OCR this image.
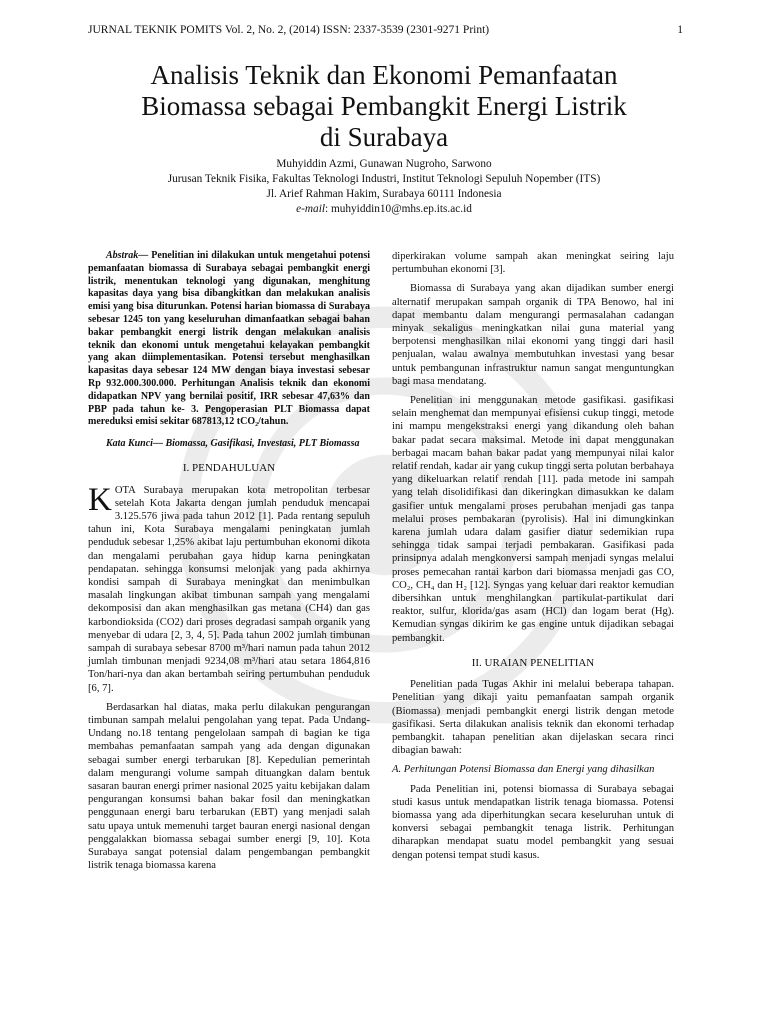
JURNAL TEKNIK POMITS Vol. 2, No. 2, (2014) ISSN: 2337-3539 (2301-9271 Print)	1
Analisis Teknik dan Ekonomi Pemanfaatan
Biomassa sebagai Pembangkit Energi Listrik
di Surabaya
Muhyiddin Azmi, Gunawan Nugroho, Sarwono
Jurusan Teknik Fisika, Fakultas Teknologi Industri, Institut Teknologi Sepuluh Nopember (ITS)
Jl. Arief Rahman Hakim, Surabaya 60111 Indonesia
e-mail: muhyiddin10@mhs.ep.its.ac.id

Abstrak— Penelitian ini dilakukan untuk mengetahui potensi pemanfaatan biomassa di Surabaya sebagai pembangkit energi listrik, menentukan teknologi yang digunakan, menghitung kapasitas daya yang bisa dibangkitkan dan melakukan analisis emisi yang bisa diturunkan. Potensi harian biomassa di Surabaya sebesar 1245 ton yang keseluruhan dimanfaatkan sebagai bahan bakar pembangkit energi listrik dengan melakukan analisis teknik dan ekonomi untuk mengetahui kelayakan pembangkit yang akan diimplementasikan. Potensi tersebut menghasilkan kapasitas daya sebesar 124 MW dengan biaya investasi sebesar Rp 932.000.300.000. Perhitungan Analisis teknik dan ekonomi didapatkan NPV yang bernilai positif, IRR sebesar 47,63% dan PBP pada tahun ke- 3. Pengoperasian PLT Biomassa dapat mereduksi emisi sekitar 687813,12 tCO₂/tahun.

Kata Kunci— Biomassa, Gasifikasi, Investasi, PLT Biomassa

I. PENDAHULUAN

KOTA Surabaya merupakan kota metropolitan terbesar setelah Kota Jakarta dengan jumlah penduduk mencapai 3.125.576 jiwa pada tahun 2012 [1]. Pada rentang sepuluh tahun ini, Kota Surabaya mengalami peningkatan jumlah penduduk sebesar 1,25% akibat laju pertumbuhan ekonomi dikota dan mengalami perubahan gaya hidup karna peningkatan pendapatan. sehingga konsumsi melonjak yang pada akhirnya kondisi sampah di Surabaya meningkat dan menimbulkan masalah lingkungan akibat timbunan sampah yang mengalami dekomposisi dan akan menghasilkan gas metana (CH4) dan gas karbondioksida (CO2) dari proses degradasi sampah organik yang menyebar di udara [2, 3, 4, 5]. Pada tahun 2002 jumlah timbunan sampah di surabaya sebesar 8700 m³/hari namun pada tahun 2012 jumlah timbunan menjadi 9234,08 m³/hari atau setara 1864,816 Ton/hari-nya dan akan bertambah seiring pertumbuhan penduduk [6, 7].

Berdasarkan hal diatas, maka perlu dilakukan pengurangan timbunan sampah melalui pengolahan yang tepat. Pada Undang-Undang no.18 tentang pengelolaan sampah di bagian ke tiga membahas pemanfaatan sampah yang ada dengan digunakan sebagai sumber energi terbarukan [8]. Kepedulian pemerintah dalam mengurangi volume sampah dituangkan dalam bentuk sasaran bauran energi primer nasional 2025 yaitu kebijakan dalam pengurangan konsumsi bahan bakar fosil dan meningkatkan penggunaan energi baru terbarukan (EBT) yang menjadi salah satu upaya untuk memenuhi target bauran energi nasional dengan penggalakkan biomassa sebagai sumber energi [9, 10]. Kota Surabaya sangat potensial dalam pengembangan pembangkit listrik tenaga biomassa karena

diperkirakan volume sampah akan meningkat seiring laju pertumbuhan ekonomi [3].

Biomassa di Surabaya yang akan dijadikan sumber energi alternatif merupakan sampah organik di TPA Benowo, hal ini dapat membantu dalam mengurangi permasalahan cadangan minyak sekaligus meningkatkan nilai guna material yang berpotensi menghasilkan nilai ekonomi yang tinggi dari hasil penjualan, walau awalnya membutuhkan investasi yang besar untuk pembangunan infrastruktur namun sangat menguntungkan bagi masa mendatang.

Penelitian ini menggunakan metode gasifikasi. gasifikasi selain menghemat dan mempunyai efisiensi cukup tinggi, metode ini mampu mengekstraksi energi yang dikandung oleh bahan bakar padat secara maksimal. Metode ini dapat menggunakan berbagai macam bahan bakar padat yang mempunyai nilai kalor relatif rendah, kadar air yang cukup tinggi serta polutan berbahaya yang dikeluarkan relatif rendah [11]. pada metode ini sampah yang telah disolidifikasi dan dikeringkan dimasukkan ke dalam gasifier untuk mengalami proses perubahan menjadi gas tanpa melalui proses pembakaran (pyrolisis). Hal ini dimungkinkan karena jumlah udara dalam gasifier diatur sedemikian rupa sehingga tidak sampai terjadi pembakaran. Gasifikasi pada prinsipnya adalah mengkonversi sampah menjadi syngas melalui proses pemecahan rantai karbon dari biomassa menjadi gas CO, CO₂, CH₄ dan H₂ [12]. Syngas yang keluar dari reaktor kemudian dibersihkan untuk menghilangkan partikulat-partikulat dari reaktor, sulfur, klorida/gas asam (HCl) dan logam berat (Hg). Kemudian syngas dikirim ke gas engine untuk dijadikan sebagai pembangkit.

II. URAIAN PENELITIAN

Penelitian pada Tugas Akhir ini melalui beberapa tahapan. Penelitian yang dikaji yaitu pemanfaatan sampah organik (Biomassa) menjadi pembangkit energi listrik dengan metode gasifikasi. Serta dilakukan analisis teknik dan ekonomi terhadap pembangkit. tahapan penelitian akan dijelaskan secara rinci dibagian bawah:

A. Perhitungan Potensi Biomassa dan Energi yang dihasilkan

Pada Penelitian ini, potensi biomassa di Surabaya sebagai studi kasus untuk mendapatkan listrik tenaga biomassa. Potensi biomassa yang ada diperhitungkan secara keseluruhan untuk di konversi sebagai pembangkit tenaga listrik. Perhitungan diharapkan mendapat suatu model pembangkit yang sesuai dengan potensi tempat studi kasus.
